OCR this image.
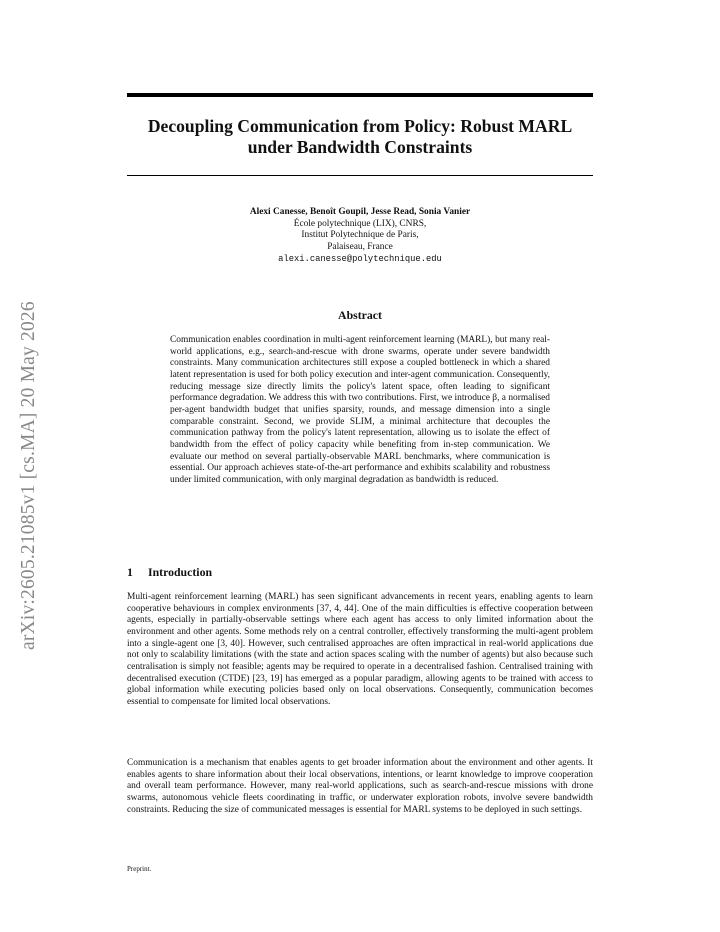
arXiv:2605.21085v1 [cs.MA] 20 May 2026
Decoupling Communication from Policy: Robust MARL under Bandwidth Constraints
Alexi Canesse, Benoît Goupil, Jesse Read, Sonia Vanier
École polytechnique (LIX), CNRS,
Institut Polytechnique de Paris,
Palaiseau, France
alexi.canesse@polytechnique.edu
Abstract
Communication enables coordination in multi-agent reinforcement learning (MARL), but many real-world applications, e.g., search-and-rescue with drone swarms, operate under severe bandwidth constraints. Many communication architectures still expose a coupled bottleneck in which a shared latent representation is used for both policy execution and inter-agent communication. Consequently, reducing message size directly limits the policy's latent space, often leading to significant performance degradation. We address this with two contributions. First, we introduce β, a normalised per-agent bandwidth budget that unifies sparsity, rounds, and message dimension into a single comparable constraint. Second, we provide SLIM, a minimal architecture that decouples the communication pathway from the policy's latent representation, allowing us to isolate the effect of bandwidth from the effect of policy capacity while benefiting from in-step communication. We evaluate our method on several partially-observable MARL benchmarks, where communication is essential. Our approach achieves state-of-the-art performance and exhibits scalability and robustness under limited communication, with only marginal degradation as bandwidth is reduced.
1 Introduction
Multi-agent reinforcement learning (MARL) has seen significant advancements in recent years, enabling agents to learn cooperative behaviours in complex environments [37, 4, 44]. One of the main difficulties is effective cooperation between agents, especially in partially-observable settings where each agent has access to only limited information about the environment and other agents. Some methods rely on a central controller, effectively transforming the multi-agent problem into a single-agent one [3, 40]. However, such centralised approaches are often impractical in real-world applications due not only to scalability limitations (with the state and action spaces scaling with the number of agents) but also because such centralisation is simply not feasible; agents may be required to operate in a decentralised fashion. Centralised training with decentralised execution (CTDE) [23, 19] has emerged as a popular paradigm, allowing agents to be trained with access to global information while executing policies based only on local observations. Consequently, communication becomes essential to compensate for limited local observations.
Communication is a mechanism that enables agents to get broader information about the environment and other agents. It enables agents to share information about their local observations, intentions, or learnt knowledge to improve cooperation and overall team performance. However, many real-world applications, such as search-and-rescue missions with drone swarms, autonomous vehicle fleets coordinating in traffic, or underwater exploration robots, involve severe bandwidth constraints. Reducing the size of communicated messages is essential for MARL systems to be deployed in such settings.
Preprint.
